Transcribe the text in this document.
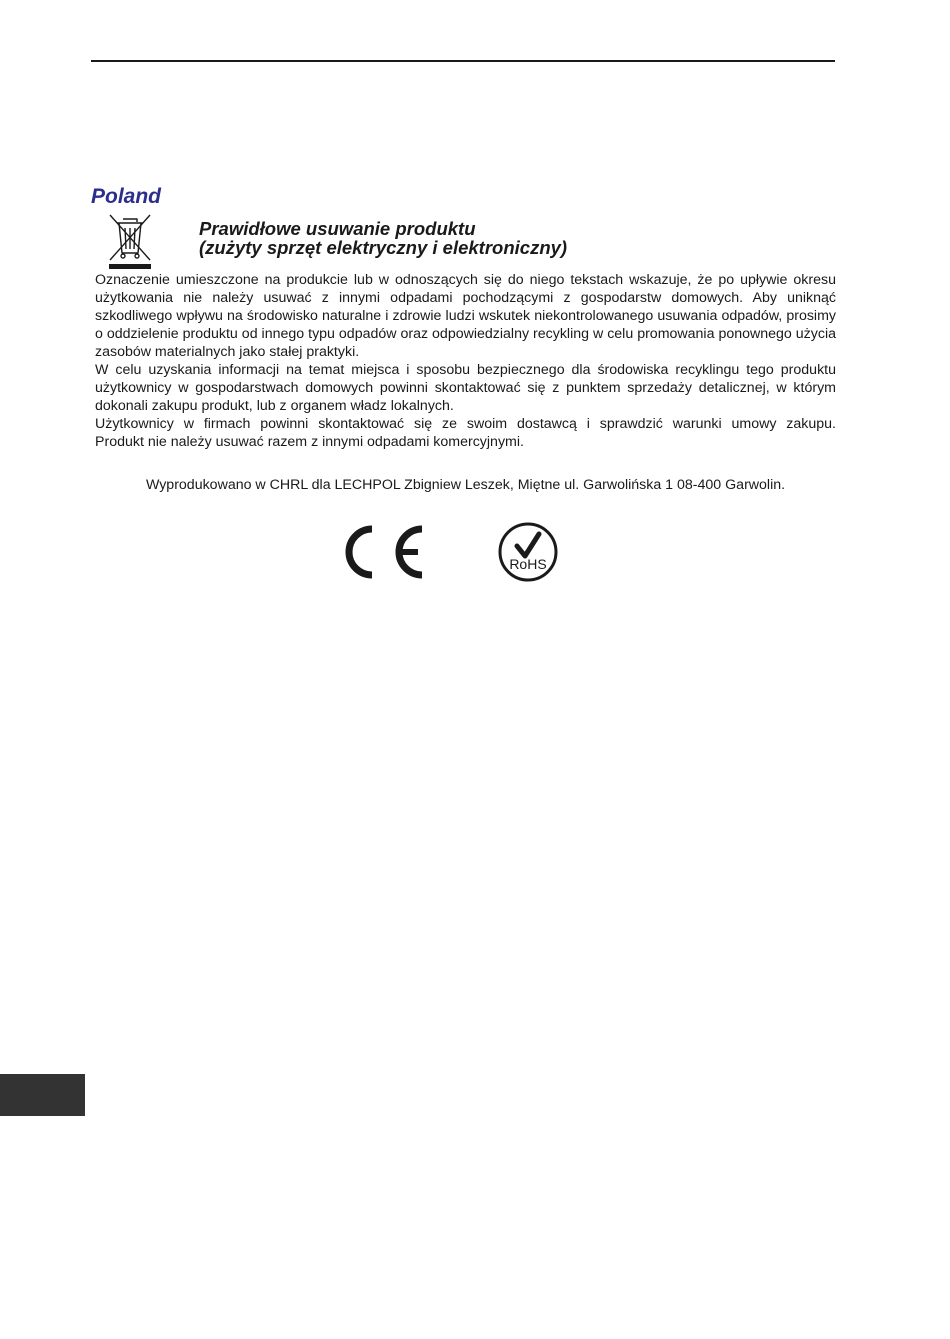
Poland
Prawidłowe usuwanie produktu
(zużyty sprzęt elektryczny i elektroniczny)

Oznaczenie umieszczone na produkcie lub w odnoszących się do niego tekstach wskazuje, że po upływie okresu użytkowania nie należy usuwać z innymi odpadami pochodzącymi z gospodarstw domowych. Aby uniknąć szkodliwego wpływu na środowisko naturalne i zdrowie ludzi wskutek niekontrolowanego usuwania odpadów, prosimy o oddzielenie produktu od innego typu odpadów oraz odpowiedzialny recykling w celu promowania ponownego użycia zasobów materialnych jako stałej praktyki.

W celu uzyskania informacji na temat miejsca i sposobu bezpiecznego dla środowiska recyklingu tego produktu użytkownicy w gospodarstwach domowych powinni skontaktować się z punktem sprzedaży detalicznej, w którym dokonali zakupu produkt, lub z organem władz lokalnych.

Użytkownicy w firmach powinni skontaktować się ze swoim dostawcą i sprawdzić warunki umowy zakupu.

Produkt nie należy usuwać razem z innymi odpadami komercyjnymi.

Wyprodukowano w CHRL dla LECHPOL Zbigniew Leszek, Miętne ul. Garwolińska 1 08-400 Garwolin.
RoHS
